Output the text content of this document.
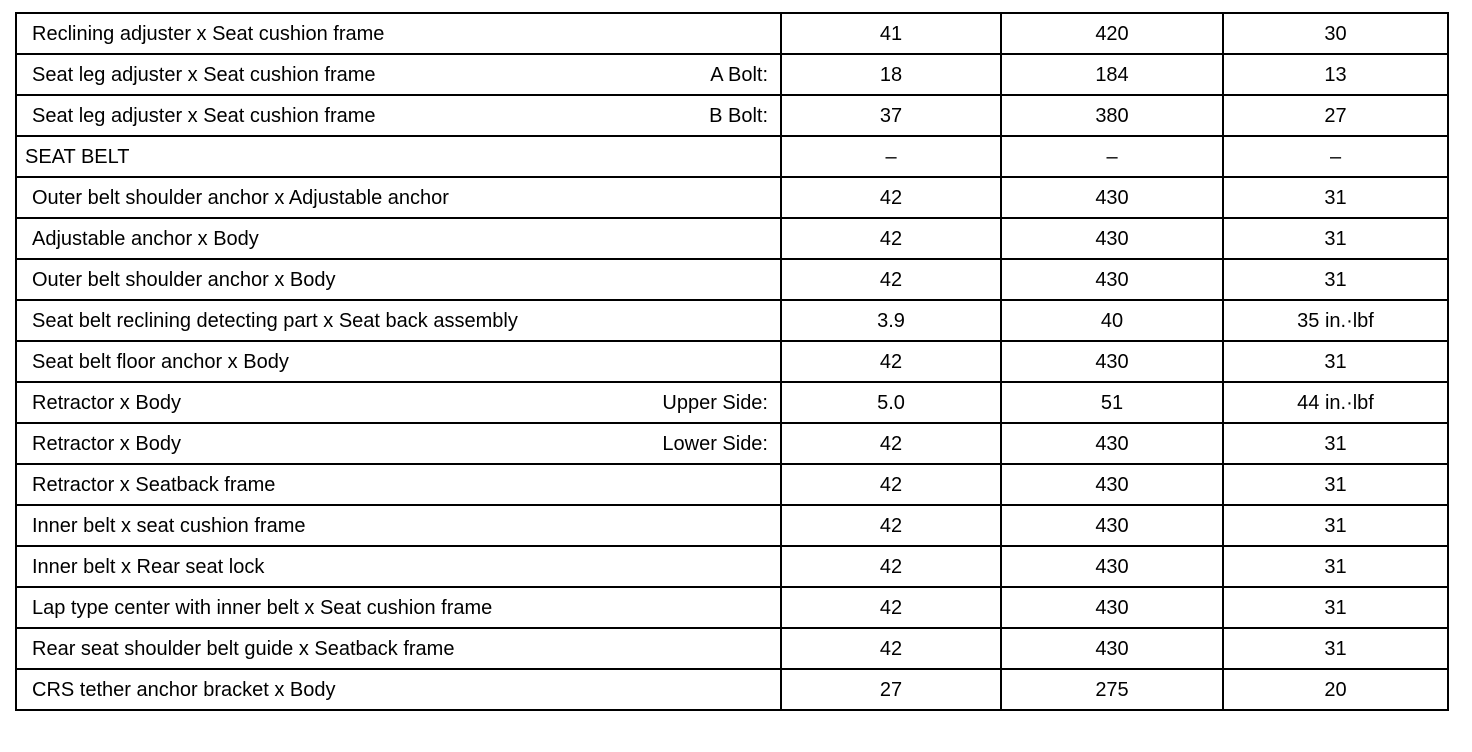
Reclining adjuster x Seat cushion frame	41	420	30
Seat leg adjuster x Seat cushion frame A Bolt:	18	184	13
Seat leg adjuster x Seat cushion frame B Bolt:	37	380	27
SEAT BELT	–	–	–
Outer belt shoulder anchor x Adjustable anchor	42	430	31
Adjustable anchor x Body	42	430	31
Outer belt shoulder anchor x Body	42	430	31
Seat belt reclining detecting part x Seat back assembly	3.9	40	35 in.·lbf
Seat belt floor anchor x Body	42	430	31
Retractor x Body Upper Side:	5.0	51	44 in.·lbf
Retractor x Body Lower Side:	42	430	31
Retractor x Seatback frame	42	430	31
Inner belt x seat cushion frame	42	430	31
Inner belt x Rear seat lock	42	430	31
Lap type center with inner belt x Seat cushion frame	42	430	31
Rear seat shoulder belt guide x Seatback frame	42	430	31
CRS tether anchor bracket x Body	27	275	20
